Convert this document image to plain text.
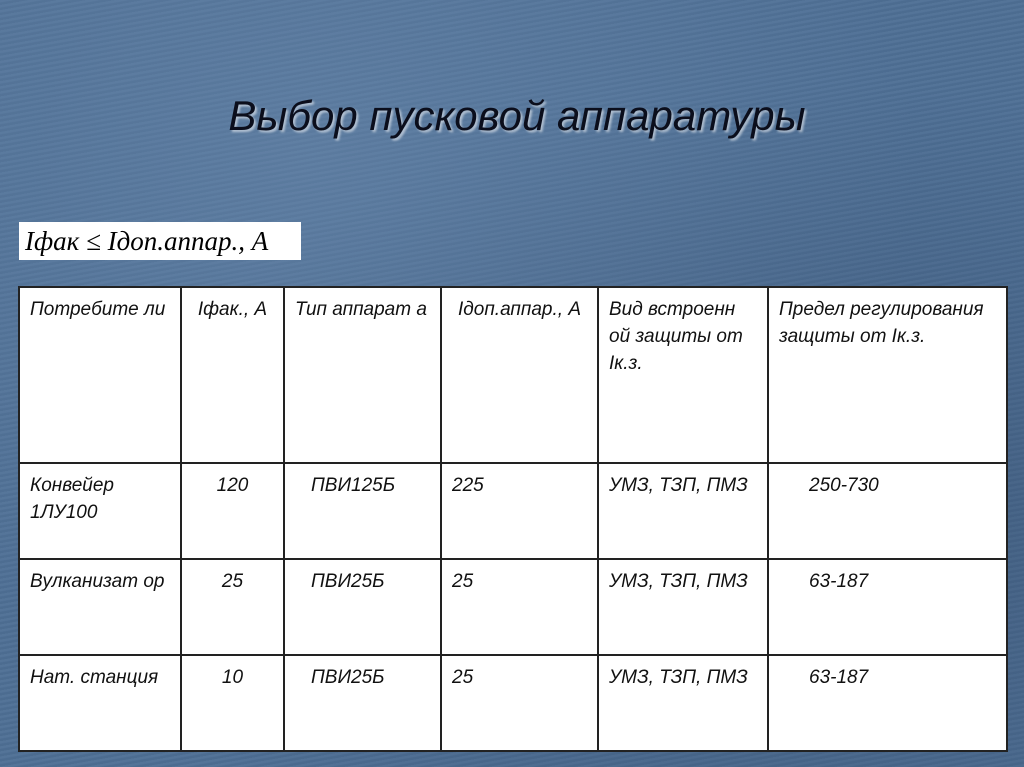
Выбор пусковой аппаратуры
Iфак ≤ Iдоп.аппар., А
Потребите ли	Iфак., А	Тип аппарат а	Iдоп.аппар., А	Вид встроенн ой защиты от Iк.з.	Предел регулирования защиты от Iк.з.
Конвейер 1ЛУ100	120	ПВИ125Б	225	УМЗ, ТЗП, ПМЗ	250-730
Вулканизат ор	25	ПВИ25Б	25	УМЗ, ТЗП, ПМЗ	63-187
Нат. станция	10	ПВИ25Б	25	УМЗ, ТЗП, ПМЗ	63-187
